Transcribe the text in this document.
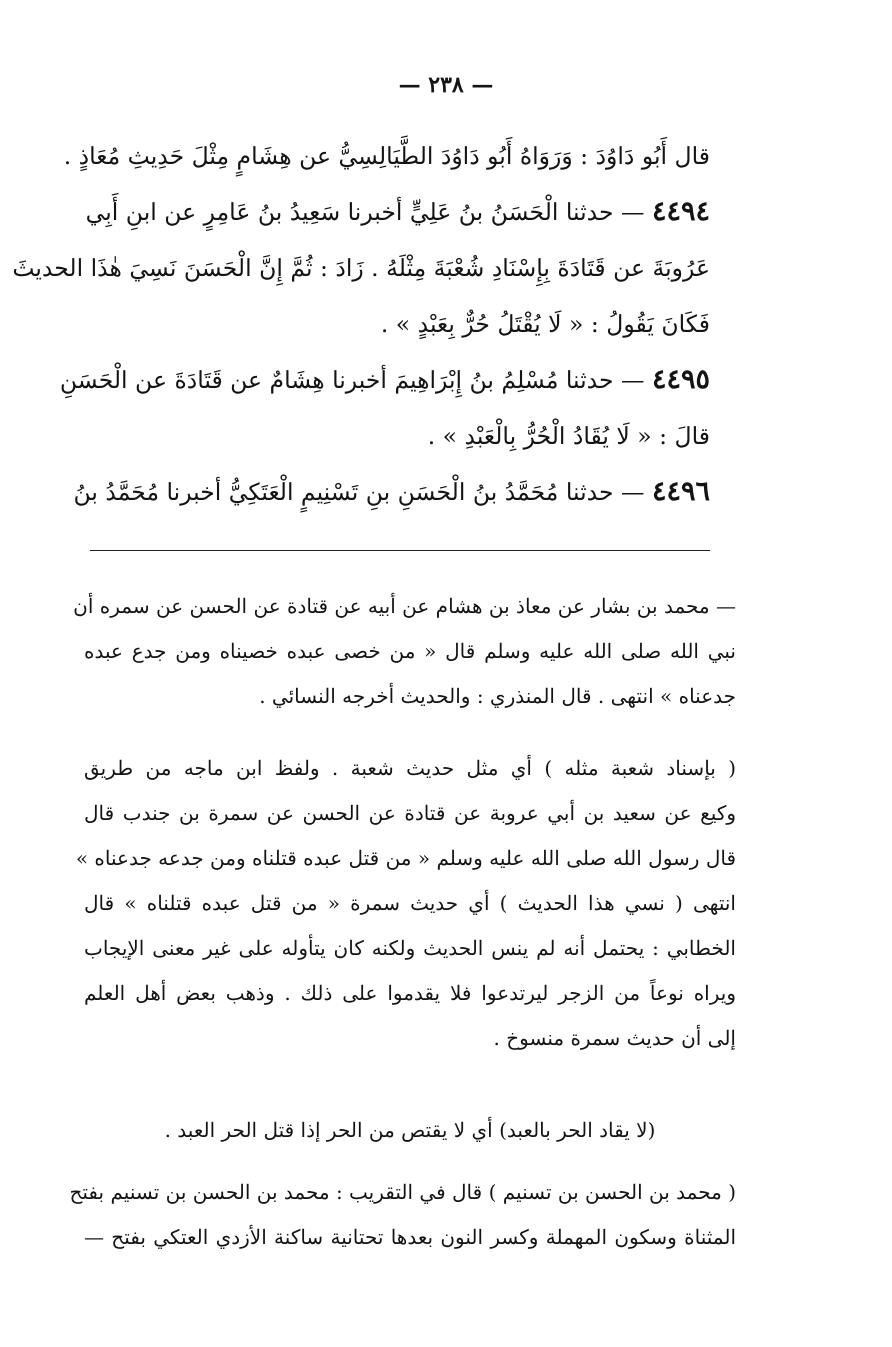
— ٢٣٨ —
قال أَبُو دَاوُدَ : وَرَوَاهُ أَبُو دَاوُدَ الطَّيَالِسِيُّ عن هِشَامٍ مِثْلَ حَدِيثِ مُعَاذٍ .
٤٤٩٤ — حدثنا الْحَسَنُ بنُ عَلِيٍّ أخبرنا سَعِيدُ بنُ عَامِرٍ عن ابنِ أَبِي
عَرُوبَةَ عن قَتَادَةَ بِإِسْنَادِ شُعْبَةَ مِثْلَهُ . زَادَ : ثُمَّ إِنَّ الْحَسَنَ نَسِيَ هٰذَا الحديثَ
فَكَانَ يَقُولُ : « لَا يُقْتَلُ حُرٌّ بِعَبْدٍ » .
٤٤٩٥ — حدثنا مُسْلِمُ بنُ إِبْرَاهِيمَ أخبرنا هِشَامٌ عن قَتَادَةَ عن الْحَسَنِ
قالَ : « لَا يُقَادُ الْحُرُّ بِالْعَبْدِ » .
٤٤٩٦ — حدثنا مُحَمَّدُ بنُ الْحَسَنِ بنِ تَسْنِيمٍ الْعَتَكِيُّ أخبرنا مُحَمَّدُ بنُ
— محمد بن بشار عن معاذ بن هشام عن أبيه عن قتادة عن الحسن عن سمره أن
نبي الله صلى الله عليه وسلم قال « من خصى عبده خصيناه ومن جدع عبده
جدعناه » انتهى . قال المنذري : والحديث أخرجه النسائي .
( بإسناد شعبة مثله ) أي مثل حديث شعبة . ولفظ ابن ماجه من طريق
وكيع عن سعيد بن أبي عروبة عن قتادة عن الحسن عن سمرة بن جندب قال
قال رسول الله صلى الله عليه وسلم « من قتل عبده قتلناه ومن جدعه جدعناه »
انتهى ( نسي هذا الحديث ) أي حديث سمرة « من قتل عبده قتلناه » قال
الخطابي : يحتمل أنه لم ينس الحديث ولكنه كان يتأوله على غير معنى الإيجاب
ويراه نوعاً من الزجر ليرتدعوا فلا يقدموا على ذلك . وذهب بعض أهل العلم
إلى أن حديث سمرة منسوخ .
(لا يقاد الحر بالعبد) أي لا يقتص من الحر إذا قتل الحر العبد .
( محمد بن الحسن بن تسنيم ) قال في التقريب : محمد بن الحسن بن تسنيم بفتح
المثناة وسكون المهملة وكسر النون بعدها تحتانية ساكنة الأزدي العتكي بفتح —
